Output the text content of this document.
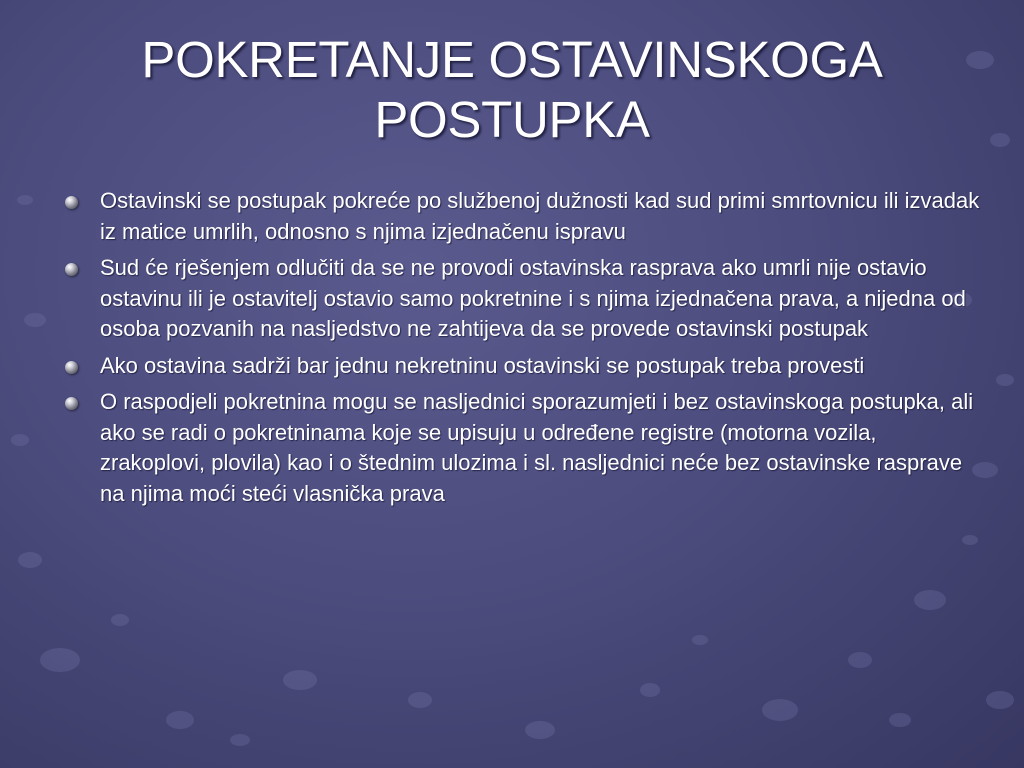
POKRETANJE OSTAVINSKOGA
POSTUPKA
Ostavinski se postupak pokreće po službenoj dužnosti kad sud primi smrtovnicu ili izvadak iz matice umrlih, odnosno s njima izjednačenu ispravu
Sud će rješenjem odlučiti da se ne provodi ostavinska rasprava ako umrli nije ostavio ostavinu ili je ostavitelj ostavio samo pokretnine i s njima izjednačena prava, a nijedna od osoba pozvanih na nasljedstvo ne zahtijeva da se provede ostavinski postupak
Ako ostavina sadrži bar jednu nekretninu ostavinski se postupak treba provesti
O raspodjeli pokretnina mogu se nasljednici sporazumjeti i bez ostavinskoga postupka, ali ako se radi o pokretninama koje se upisuju u određene registre (motorna vozila, zrakoplovi, plovila) kao i o štednim ulozima i sl. nasljednici neće bez ostavinske rasprave na njima moći steći vlasnička prava
